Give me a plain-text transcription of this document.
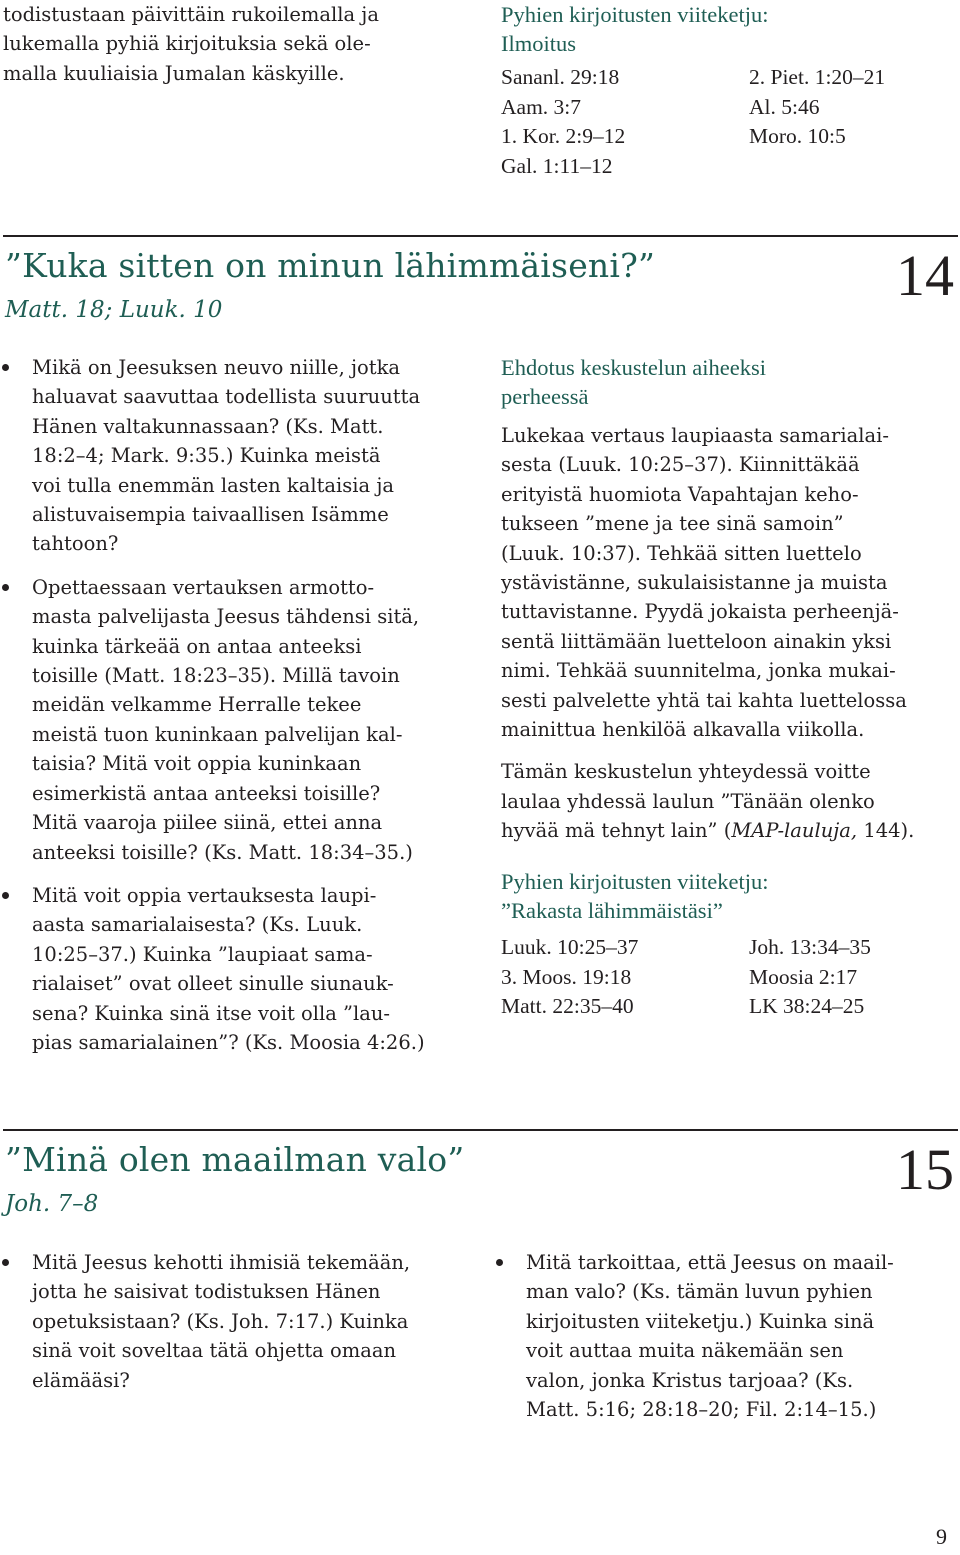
todistustaan päivittäin rukoilemalla ja
lukemalla pyhiä kirjoituksia sekä ole-
malla kuuliaisia Jumalan käskyille.
Pyhien kirjoitusten viiteketju:
Ilmoitus
Sananl. 29:18
Aam. 3:7
1. Kor. 2:9–12
Gal. 1:11–12
2. Piet. 1:20–21
Al. 5:46
Moro. 10:5
14
”Kuka sitten on minun lähimmäiseni?”
Matt. 18; Luuk. 10
Mikä on Jeesuksen neuvo niille, jotka
haluavat saavuttaa todellista suuruutta
Hänen valtakunnassaan? (Ks. Matt.
18:2–4; Mark. 9:35.) Kuinka meistä
voi tulla enemmän lasten kaltaisia ja
alistuvaisempia taivaallisen Isämme
tahtoon?
Opettaessaan vertauksen armotto-
masta palvelijasta Jeesus tähdensi sitä,
kuinka tärkeää on antaa anteeksi
toisille (Matt. 18:23–35). Millä tavoin
meidän velkamme Herralle tekee
meistä tuon kuninkaan palvelijan kal-
taisia? Mitä voit oppia kuninkaan
esimerkistä antaa anteeksi toisille?
Mitä vaaroja piilee siinä, ettei anna
anteeksi toisille? (Ks. Matt. 18:34–35.)
Mitä voit oppia vertauksesta laupi-
aasta samarialaisesta? (Ks. Luuk.
10:25–37.) Kuinka ”laupiaat sama-
rialaiset” ovat olleet sinulle siunauk-
sena? Kuinka sinä itse voit olla ”lau-
pias samarialainen”? (Ks. Moosia 4:26.)
Ehdotus keskustelun aiheeksi
perheessä

Lukekaa vertaus laupiaasta samarialai-
sesta (Luuk. 10:25–37). Kiinnittäkää
erityistä huomiota Vapahtajan keho-
tukseen ”mene ja tee sinä samoin”
(Luuk. 10:37). Tehkää sitten luettelo
ystävistänne, sukulaisistanne ja muista
tuttavistanne. Pyydä jokaista perheenjä-
sentä liittämään luetteloon ainakin yksi
nimi. Tehkää suunnitelma, jonka mukai-
sesti palvelette yhtä tai kahta luettelossa
mainittua henkilöä alkavalla viikolla.

Tämän keskustelun yhteydessä voitte
laulaa yhdessä laulun ”Tänään olenko
hyvää mä tehnyt lain” (MAP-lauluja, 144).

Pyhien kirjoitusten viiteketju:
”Rakasta lähimmäistäsi”
Luuk. 10:25–37
3. Moos. 19:18
Matt. 22:35–40
Joh. 13:34–35
Moosia 2:17
LK 38:24–25
15
”Minä olen maailman valo”
Joh. 7–8
Mitä Jeesus kehotti ihmisiä tekemään,
jotta he saisivat todistuksen Hänen
opetuksistaan? (Ks. Joh. 7:17.) Kuinka
sinä voit soveltaa tätä ohjetta omaan
elämääsi?
Mitä tarkoittaa, että Jeesus on maail-
man valo? (Ks. tämän luvun pyhien
kirjoitusten viiteketju.) Kuinka sinä
voit auttaa muita näkemään sen
valon, jonka Kristus tarjoaa? (Ks.
Matt. 5:16; 28:18–20; Fil. 2:14–15.)
9
